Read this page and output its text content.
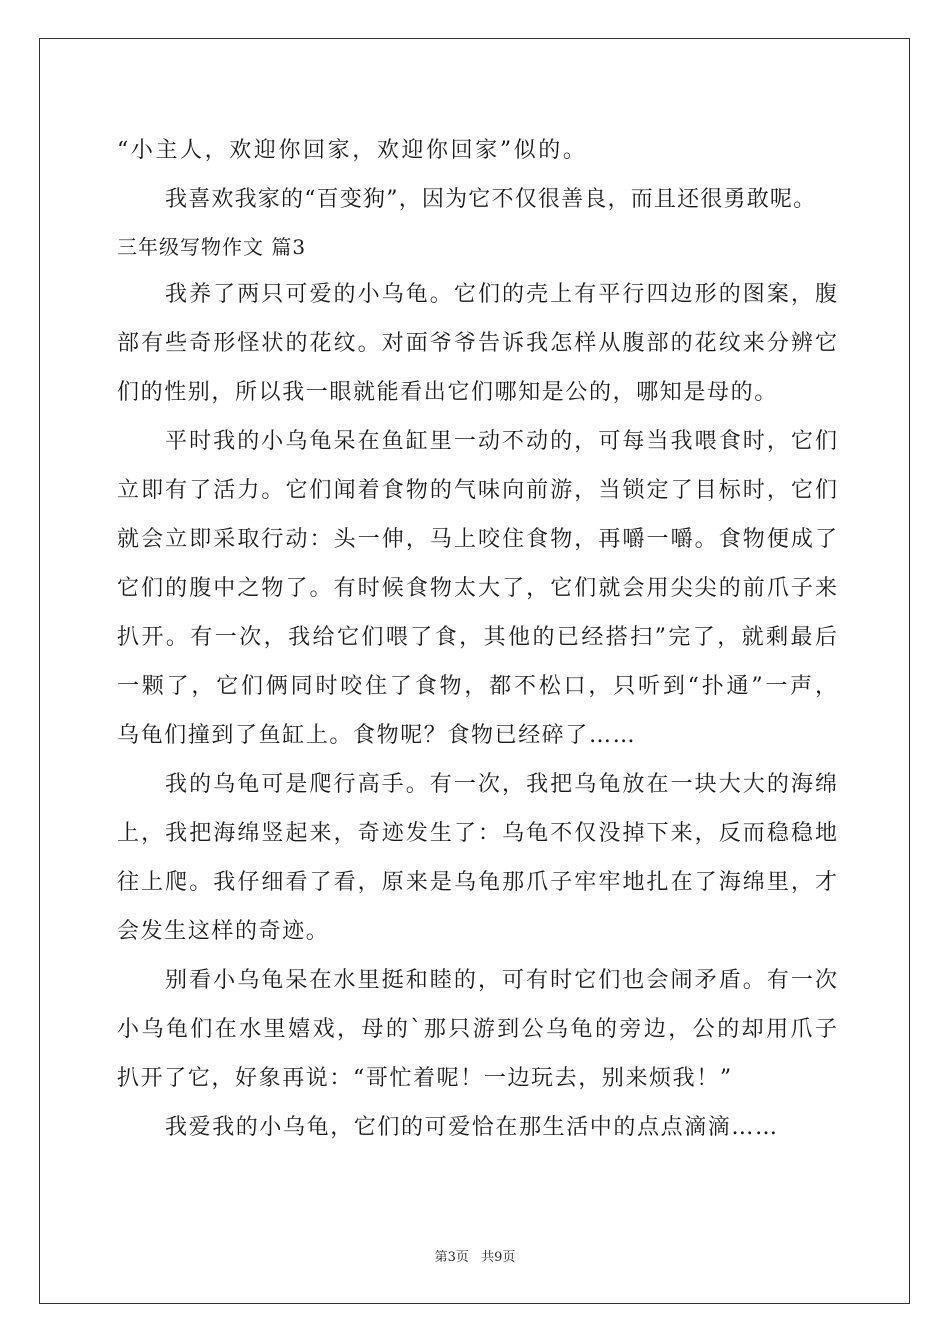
“小主人，欢迎你回家，欢迎你回家”似的。
我喜欢我家的“百变狗”，因为它不仅很善良，而且还很勇敢呢。
三年级写物作文 篇3
我养了两只可爱的小乌龟。它们的壳上有平行四边形的图案，腹
部有些奇形怪状的花纹。对面爷爷告诉我怎样从腹部的花纹来分辨它
们的性别，所以我一眼就能看出它们哪知是公的，哪知是母的。
平时我的小乌龟呆在鱼缸里一动不动的，可每当我喂食时，它们
立即有了活力。它们闻着食物的气味向前游，当锁定了目标时，它们
就会立即采取行动：头一伸，马上咬住食物，再嚼一嚼。食物便成了
它们的腹中之物了。有时候食物太大了，它们就会用尖尖的前爪子来
扒开。有一次，我给它们喂了食，其他的已经搭扫”完了，就剩最后
一颗了，它们俩同时咬住了食物，都不松口，只听到“扑通”一声，
乌龟们撞到了鱼缸上。食物呢？食物已经碎了……
我的乌龟可是爬行高手。有一次，我把乌龟放在一块大大的海绵
上，我把海绵竖起来，奇迹发生了：乌龟不仅没掉下来，反而稳稳地
往上爬。我仔细看了看，原来是乌龟那爪子牢牢地扎在了海绵里，才
会发生这样的奇迹。
别看小乌龟呆在水里挺和睦的，可有时它们也会闹矛盾。有一次
小乌龟们在水里嬉戏，母的`那只游到公乌龟的旁边，公的却用爪子
扒开了它，好象再说：“哥忙着呢！一边玩去，别来烦我！”
我爱我的小乌龟，它们的可爱恰在那生活中的点点滴滴……
第3页 共9页
